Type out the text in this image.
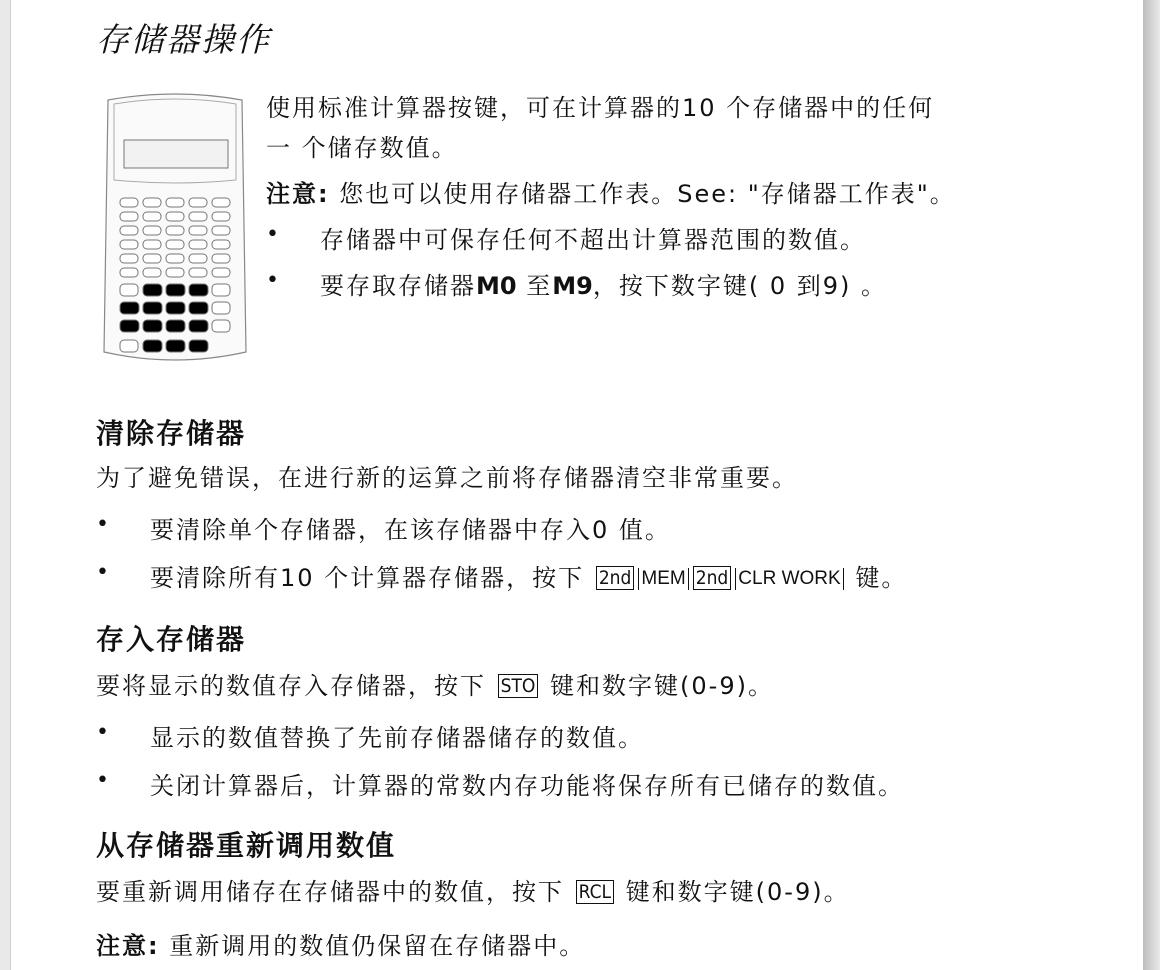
存储器操作
使用标准计算器按键，可在计算器的10 个存储器中的任何
一 个储存数值。
注意: 您也可以使用存储器工作表。See: "存储器工作表"。
• 存储器中可保存任何不超出计算器范围的数值。
• 要存取存储器M0 至M9，按下数字键( 0 到9) 。
清除存储器
为了避免错误，在进行新的运算之前将存储器清空非常重要。
• 要清除单个存储器，在该存储器中存入0 值。
• 要清除所有10 个计算器存储器，按下 2nd MEM 2nd CLR WORK 键。
存入存储器
要将显示的数值存入存储器，按下 STO 键和数字键(0-9)。
• 显示的数值替换了先前存储器储存的数值。
• 关闭计算器后，计算器的常数内存功能将保存所有已储存的数值。
从存储器重新调用数值
要重新调用储存在存储器中的数值，按下 RCL 键和数字键(0-9)。
注意: 重新调用的数值仍保留在存储器中。
